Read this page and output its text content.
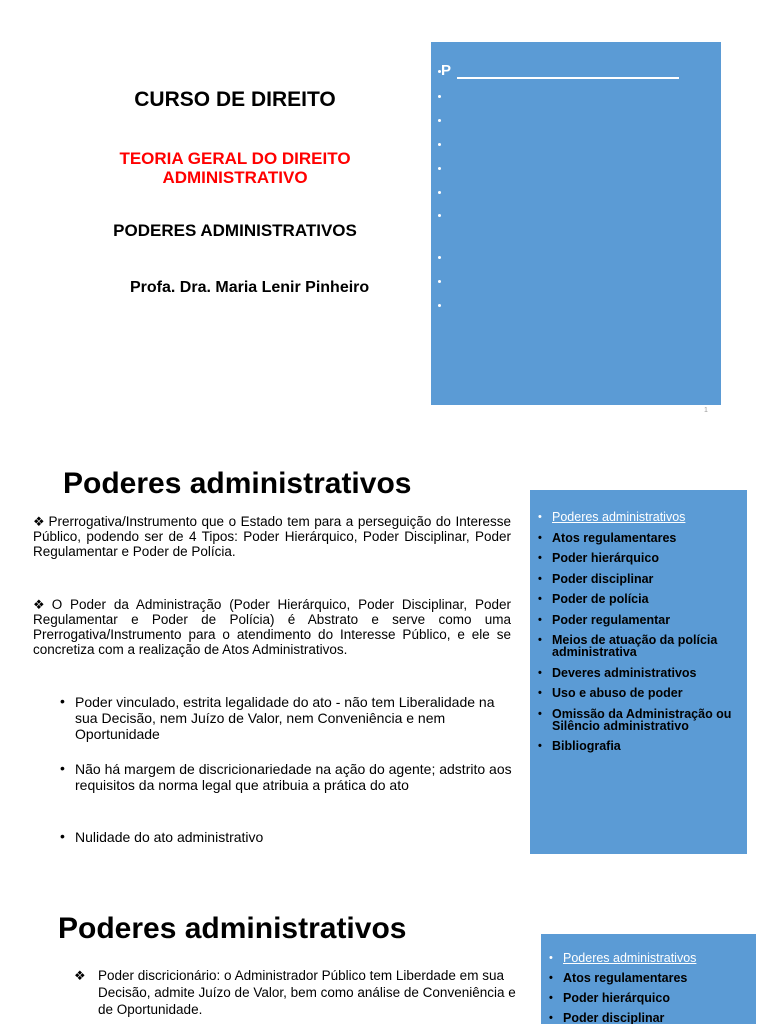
CURSO DE DIREITO
TEORIA GERAL DO DIREITO
ADMINISTRATIVO
PODERES ADMINISTRATIVOS
Profa. Dra. Maria Lenir Pinheiro
P
1
Poderes administrativos
❖ Prerrogativa/Instrumento que o Estado tem para a perseguição do Interesse Público, podendo ser de 4 Tipos: Poder Hierárquico, Poder Disciplinar, Poder Regulamentar e Poder de Polícia.
❖ O Poder da Administração (Poder Hierárquico, Poder Disciplinar, Poder Regulamentar e Poder de Polícia) é Abstrato e serve como uma Prerrogativa/Instrumento para o atendimento do Interesse Público, e ele se concretiza com a realização de Atos Administrativos.
• Poder vinculado, estrita legalidade do ato - não tem Liberalidade na sua Decisão, nem Juízo de Valor, nem Conveniência e nem Oportunidade
• Não há margem de discricionariedade na ação do agente; adstrito aos requisitos da norma legal que atribuia a prática do ato
• Nulidade do ato administrativo
• Poderes administrativos
• Atos regulamentares
• Poder hierárquico
• Poder disciplinar
• Poder de polícia
• Poder regulamentar
• Meios de atuação da polícia administrativa
• Deveres administrativos
• Uso e abuso de poder
• Omissão da Administração ou Silêncio administrativo
• Bibliografia
Poderes administrativos
❖ Poder discricionário: o Administrador Público tem Liberdade em sua Decisão, admite Juízo de Valor, bem como análise de Conveniência e de Oportunidade.
• Poderes administrativos
• Atos regulamentares
• Poder hierárquico
• Poder disciplinar
